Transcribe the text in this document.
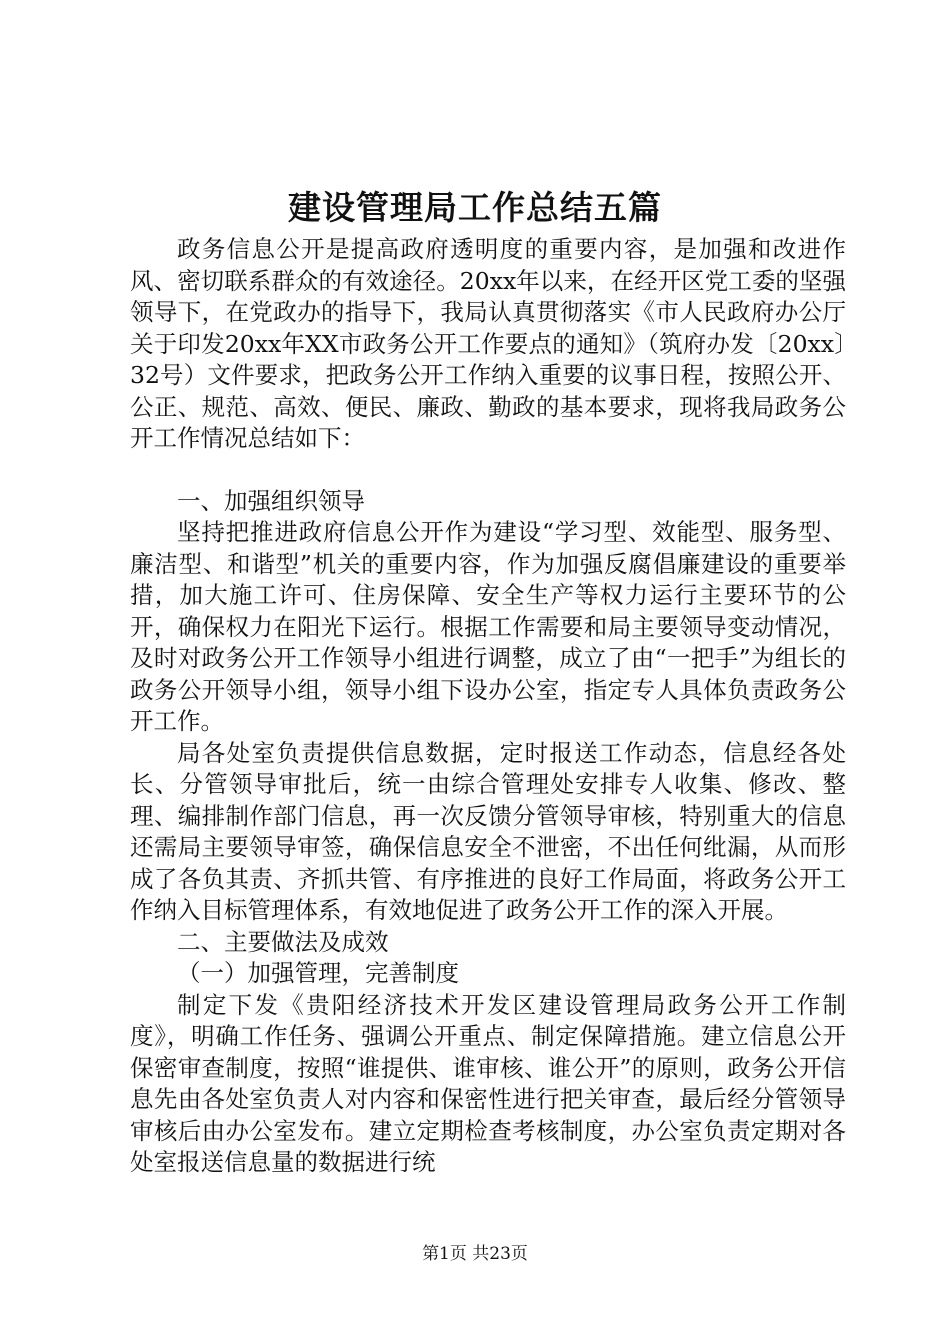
建设管理局工作总结五篇

政务信息公开是提高政府透明度的重要内容，是加强和改进作风、密切联系群众的有效途径。20xx年以来，在经开区党工委的坚强领导下，在党政办的指导下，我局认真贯彻落实《市人民政府办公厅关于印发20xx年XX市政务公开工作要点的通知》（筑府办发〔20xx〕32号）文件要求，把政务公开工作纳入重要的议事日程，按照公开、公正、规范、高效、便民、廉政、勤政的基本要求，现将我局政务公开工作情况总结如下：

一、加强组织领导

坚持把推进政府信息公开作为建设“学习型、效能型、服务型、廉洁型、和谐型”机关的重要内容，作为加强反腐倡廉建设的重要举措，加大施工许可、住房保障、安全生产等权力运行主要环节的公开，确保权力在阳光下运行。根据工作需要和局主要领导变动情况，及时对政务公开工作领导小组进行调整，成立了由“一把手”为组长的政务公开领导小组，领导小组下设办公室，指定专人具体负责政务公开工作。

局各处室负责提供信息数据，定时报送工作动态，信息经各处长、分管领导审批后，统一由综合管理处安排专人收集、修改、整理、编排制作部门信息，再一次反馈分管领导审核，特别重大的信息还需局主要领导审签，确保信息安全不泄密，不出任何纰漏，从而形成了各负其责、齐抓共管、有序推进的良好工作局面，将政务公开工作纳入目标管理体系，有效地促进了政务公开工作的深入开展。

二、主要做法及成效

（一）加强管理，完善制度

制定下发《贵阳经济技术开发区建设管理局政务公开工作制度》，明确工作任务、强调公开重点、制定保障措施。建立信息公开保密审查制度，按照“谁提供、谁审核、谁公开”的原则，政务公开信息先由各处室负责人对内容和保密性进行把关审查，最后经分管领导审核后由办公室发布。建立定期检查考核制度，办公室负责定期对各处室报送信息量的数据进行统

第1页 共23页
